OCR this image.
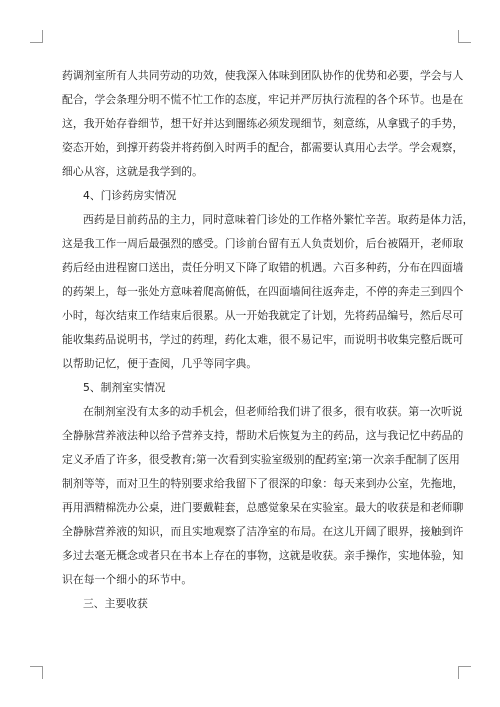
药调剂室所有人共同劳动的功效，使我深入体味到团队协作的优势和必要，学会与人
配合，学会条理分明不慌不忙工作的态度，牢记并严厉执行流程的各个环节。也是在
这，我开始存眷细节，想干好并达到闇练必须发现细节，刻意练，从拿戥子的手势，
姿态开始，到撑开药袋并将药倒入时两手的配合，都需要认真用心去学。学会观察，
细心从容，这就是我学到的。

4、门诊药房实情况

西药是目前药品的主力，同时意味着门诊处的工作格外繁忙辛苦。取药是体力活，
这是我工作一周后最强烈的感受。门诊前台留有五人负责划价，后台被隔开，老师取
药后经由进程窗口送出，责任分明又下降了取错的机遇。六百多种药，分布在四面墙
的药架上，每一张处方意味着爬高俯低，在四面墙间往返奔走，不停的奔走三到四个
小时，每次结束工作结束后很累。从一开始我就定了计划，先将药品编号，然后尽可
能收集药品说明书，学过的药理，药化太难，很不易记牢，而说明书收集完整后既可
以帮助记忆，便于查阅，几乎等同字典。

5、制剂室实情况

在制剂室没有太多的动手机会，但老师给我们讲了很多，很有收获。第一次听说
全静脉营养液法种以给予营养支持，帮助术后恢复为主的药品，这与我记忆中药品的
定义矛盾了许多，很受教育;第一次看到实验室级别的配药室;第一次亲手配制了医用
制剂等等，而对卫生的特别要求给我留下了很深的印象：每天来到办公室，先拖地，
再用酒精棉洗办公桌，进门要戴鞋套，总感觉象呆在实验室。最大的收获是和老师聊
全静脉营养液的知识，而且实地观察了洁净室的布局。在这儿开阔了眼界，接触到许
多过去毫无概念或者只在书本上存在的事物，这就是收获。亲手操作，实地体验，知
识在每一个细小的环节中。

三、主要收获
